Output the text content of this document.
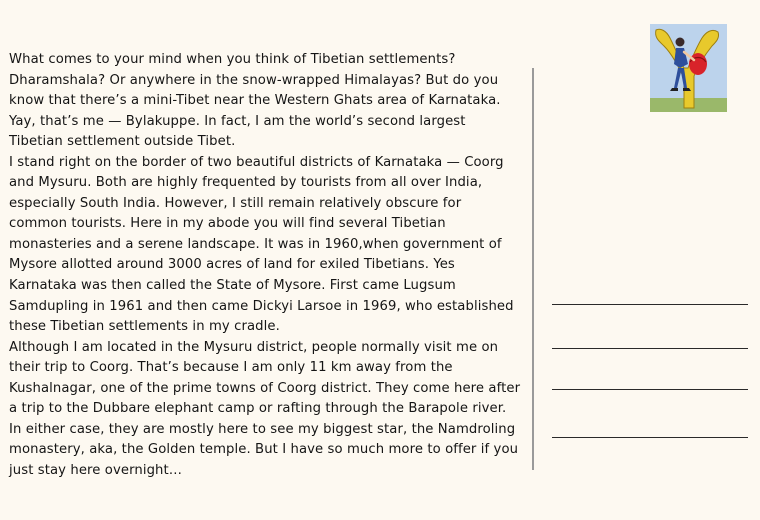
What comes to your mind when you think of Tibetian settlements? Dharamshala? Or anywhere in the snow-wrapped Himalayas? But do you know that there’s a mini-Tibet near the Western Ghats area of Karnataka. Yay, that’s me — Bylakuppe. In fact, I am the world’s second largest Tibetian settlement outside Tibet.

I stand right on the border of two beautiful districts of Karnataka — Coorg and Mysuru. Both are highly frequented by tourists from all over India, especially South India. However, I still remain relatively obscure for common tourists. Here in my abode you will find several Tibetian monasteries and a serene landscape. It was in 1960,when government of Mysore allotted around 3000 acres of land for exiled Tibetians. Yes Karnataka was then called the State of Mysore. First came Lugsum Samdupling in 1961 and then came Dickyi Larsoe in 1969, who established these Tibetian settlements in my cradle.

Although I am located in the Mysuru district, people normally visit me on their trip to Coorg. That’s because I am only 11 km away from the Kushalnagar, one of the prime towns of Coorg district. They come here after a trip to the Dubbare elephant camp or rafting through the Barapole river. In either case, they are mostly here to see my biggest star, the Namdroling monastery, aka, the Golden temple. But I have so much more to offer if you just stay here overnight…
